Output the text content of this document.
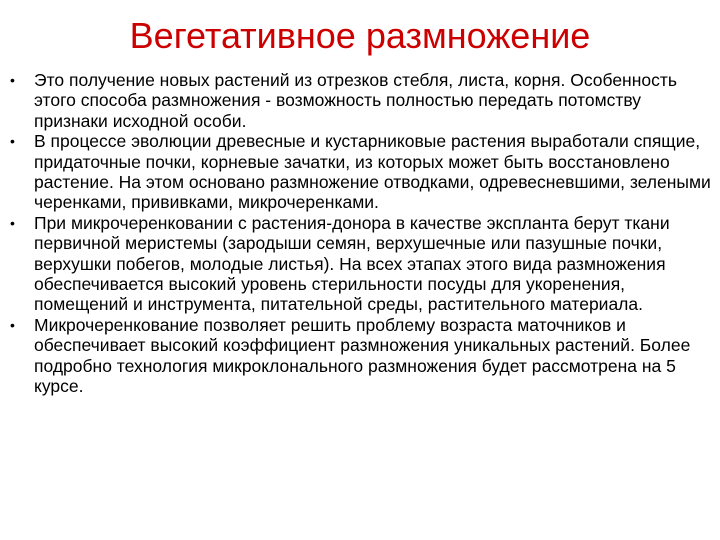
Вегетативное размножение
•	Это получение новых растений из отрезков стебля, листа, корня. Особенность этого способа размножения - возможность полностью передать потомству признаки исходной особи.
•	В процессе эволюции древесные и кустарниковые растения выработали спящие, придаточные почки, корневые зачатки, из которых может быть восстановлено растение. На этом основано размножение отводками, одревесневшими, зелеными черенками, прививками, микрочеренками.
•	При микрочеренковании с растения-донора в качестве экспланта берут ткани первичной меристемы (зародыши семян, верхушечные или пазушные почки, верхушки побегов, молодые листья). На всех этапах этого вида размножения обеспечивается высокий уровень стерильности посуды для укоренения, помещений и инструмента, питательной среды, растительного материала.
•	Микрочеренкование позволяет решить проблему возраста маточников и обеспечивает высокий коэффициент размножения уникальных растений. Более подробно технология микроклонального размножения будет рассмотрена на 5 курсе.
